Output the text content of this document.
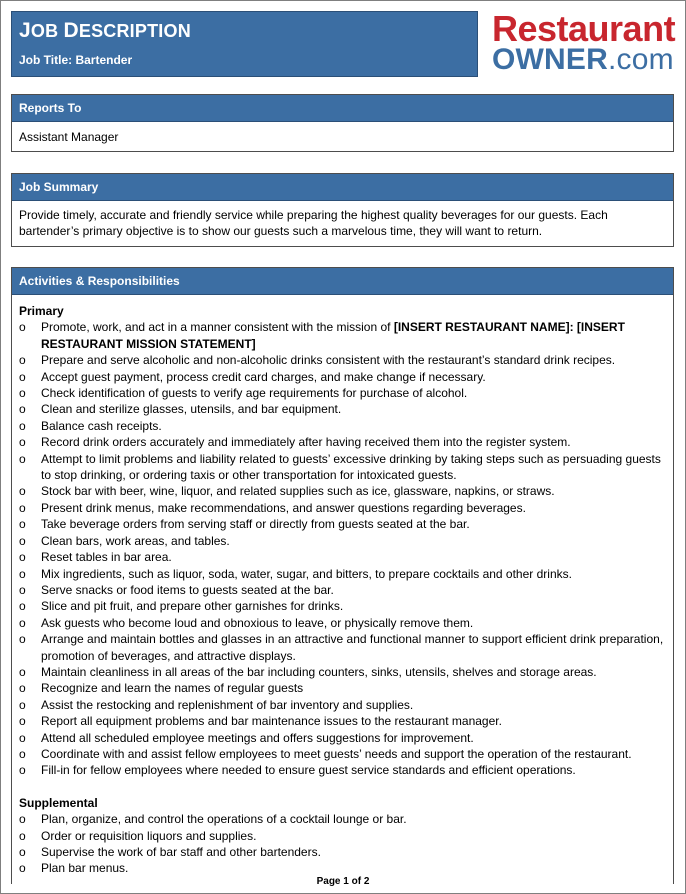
JOB DESCRIPTION
Job Title: Bartender
Restaurant
OWNER.com
Reports To
Assistant Manager
Job Summary
Provide timely, accurate and friendly service while preparing the highest quality beverages for our guests. Each bartender’s primary objective is to show our guests such a marvelous time, they will want to return.
Activities & Responsibilities
Primary
o	Promote, work, and act in a manner consistent with the mission of [INSERT RESTAURANT NAME]: [INSERT RESTAURANT MISSION STATEMENT]
o	Prepare and serve alcoholic and non-alcoholic drinks consistent with the restaurant’s standard drink recipes.
o	Accept guest payment, process credit card charges, and make change if necessary.
o	Check identification of guests to verify age requirements for purchase of alcohol.
o	Clean and sterilize glasses, utensils, and bar equipment.
o	Balance cash receipts.
o	Record drink orders accurately and immediately after having received them into the register system.
o	Attempt to limit problems and liability related to guests’ excessive drinking by taking steps such as persuading guests to stop drinking, or ordering taxis or other transportation for intoxicated guests.
o	Stock bar with beer, wine, liquor, and related supplies such as ice, glassware, napkins, or straws.
o	Present drink menus, make recommendations, and answer questions regarding beverages.
o	Take beverage orders from serving staff or directly from guests seated at the bar.
o	Clean bars, work areas, and tables.
o	Reset tables in bar area.
o	Mix ingredients, such as liquor, soda, water, sugar, and bitters, to prepare cocktails and other drinks.
o	Serve snacks or food items to guests seated at the bar.
o	Slice and pit fruit, and prepare other garnishes for drinks.
o	Ask guests who become loud and obnoxious to leave, or physically remove them.
o	Arrange and maintain bottles and glasses in an attractive and functional manner to support efficient drink preparation, promotion of beverages, and attractive displays.
o	Maintain cleanliness in all areas of the bar including counters, sinks, utensils, shelves and storage areas.
o	Recognize and learn the names of regular guests
o	Assist the restocking and replenishment of bar inventory and supplies.
o	Report all equipment problems and bar maintenance issues to the restaurant manager.
o	Attend all scheduled employee meetings and offers suggestions for improvement.
o	Coordinate with and assist fellow employees to meet guests’ needs and support the operation of the restaurant.
o	Fill-in for fellow employees where needed to ensure guest service standards and efficient operations.
Supplemental
o	Plan, organize, and control the operations of a cocktail lounge or bar.
o	Order or requisition liquors and supplies.
o	Supervise the work of bar staff and other bartenders.
o	Plan bar menus.
Page 1 of 2
